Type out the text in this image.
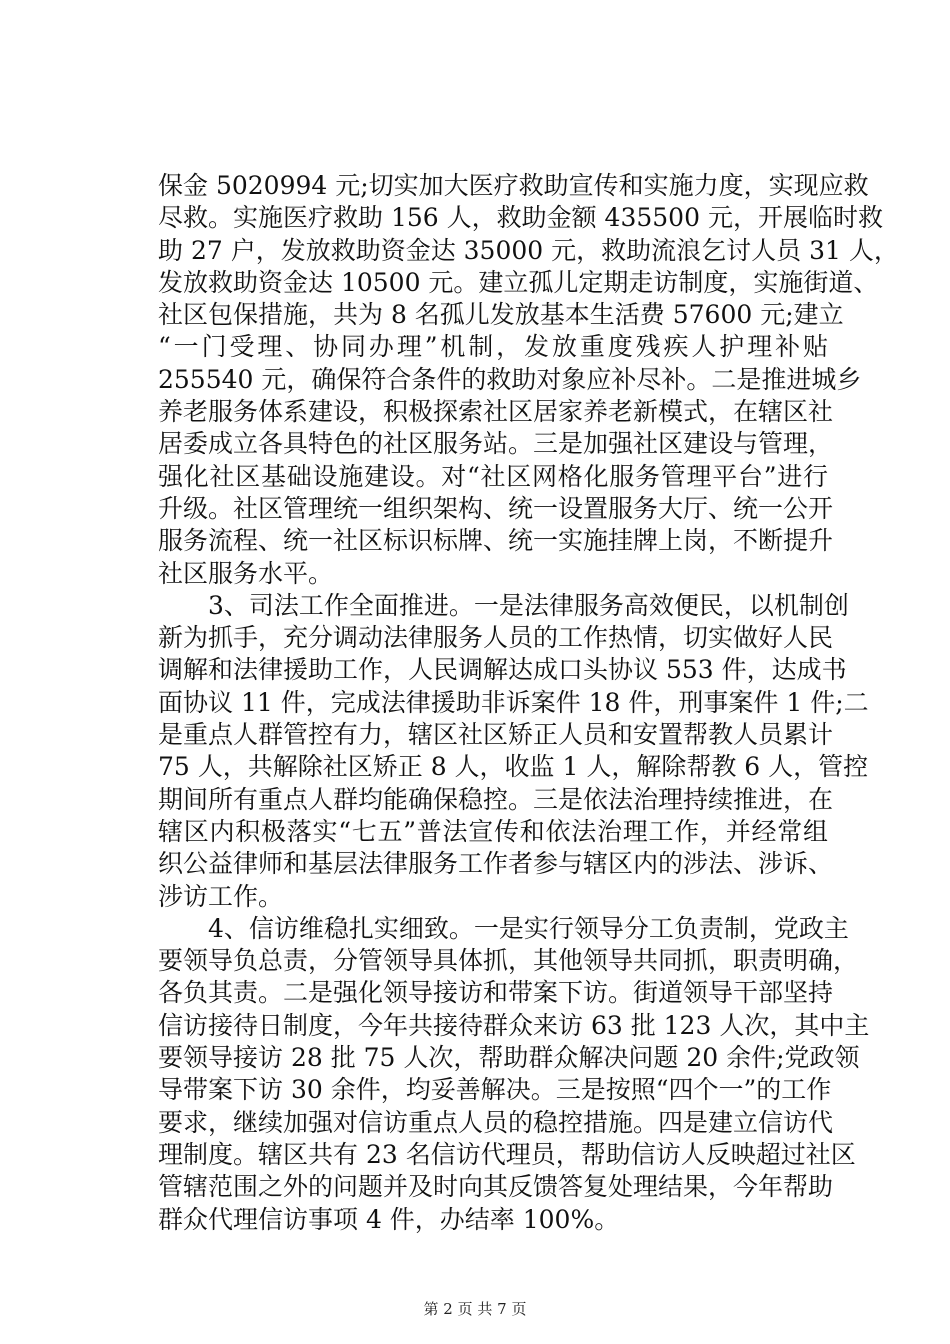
保金 5020994 元;切实加大医疗救助宣传和实施力度，实现应救
尽救。实施医疗救助 156 人，救助金额 435500 元，开展临时救
助 27 户，发放救助资金达 35000 元，救助流浪乞讨人员 31 人，
发放救助资金达 10500 元。建立孤儿定期走访制度，实施街道、
社区包保措施，共为 8 名孤儿发放基本生活费 57600 元;建立
“一门受理、协同办理”机制，发放重度残疾人护理补贴
255540 元，确保符合条件的救助对象应补尽补。二是推进城乡
养老服务体系建设，积极探索社区居家养老新模式，在辖区社
居委成立各具特色的社区服务站。三是加强社区建设与管理，
强化社区基础设施建设。对“社区网格化服务管理平台”进行
升级。社区管理统一组织架构、统一设置服务大厅、统一公开
服务流程、统一社区标识标牌、统一实施挂牌上岗，不断提升
社区服务水平。
3、司法工作全面推进。一是法律服务高效便民，以机制创
新为抓手，充分调动法律服务人员的工作热情，切实做好人民
调解和法律援助工作，人民调解达成口头协议 553 件，达成书
面协议 11 件，完成法律援助非诉案件 18 件，刑事案件 1 件;二
是重点人群管控有力，辖区社区矫正人员和安置帮教人员累计
75 人，共解除社区矫正 8 人，收监 1 人，解除帮教 6 人，管控
期间所有重点人群均能确保稳控。三是依法治理持续推进，在
辖区内积极落实“七五”普法宣传和依法治理工作，并经常组
织公益律师和基层法律服务工作者参与辖区内的涉法、涉诉、
涉访工作。
4、信访维稳扎实细致。一是实行领导分工负责制，党政主
要领导负总责，分管领导具体抓，其他领导共同抓，职责明确，
各负其责。二是强化领导接访和带案下访。街道领导干部坚持
信访接待日制度，今年共接待群众来访 63 批 123 人次，其中主
要领导接访 28 批 75 人次，帮助群众解决问题 20 余件;党政领
导带案下访 30 余件，均妥善解决。三是按照“四个一”的工作
要求，继续加强对信访重点人员的稳控措施。四是建立信访代
理制度。辖区共有 23 名信访代理员，帮助信访人反映超过社区
管辖范围之外的问题并及时向其反馈答复处理结果，今年帮助
群众代理信访事项 4 件，办结率 100%。
第 2 页 共 7 页
